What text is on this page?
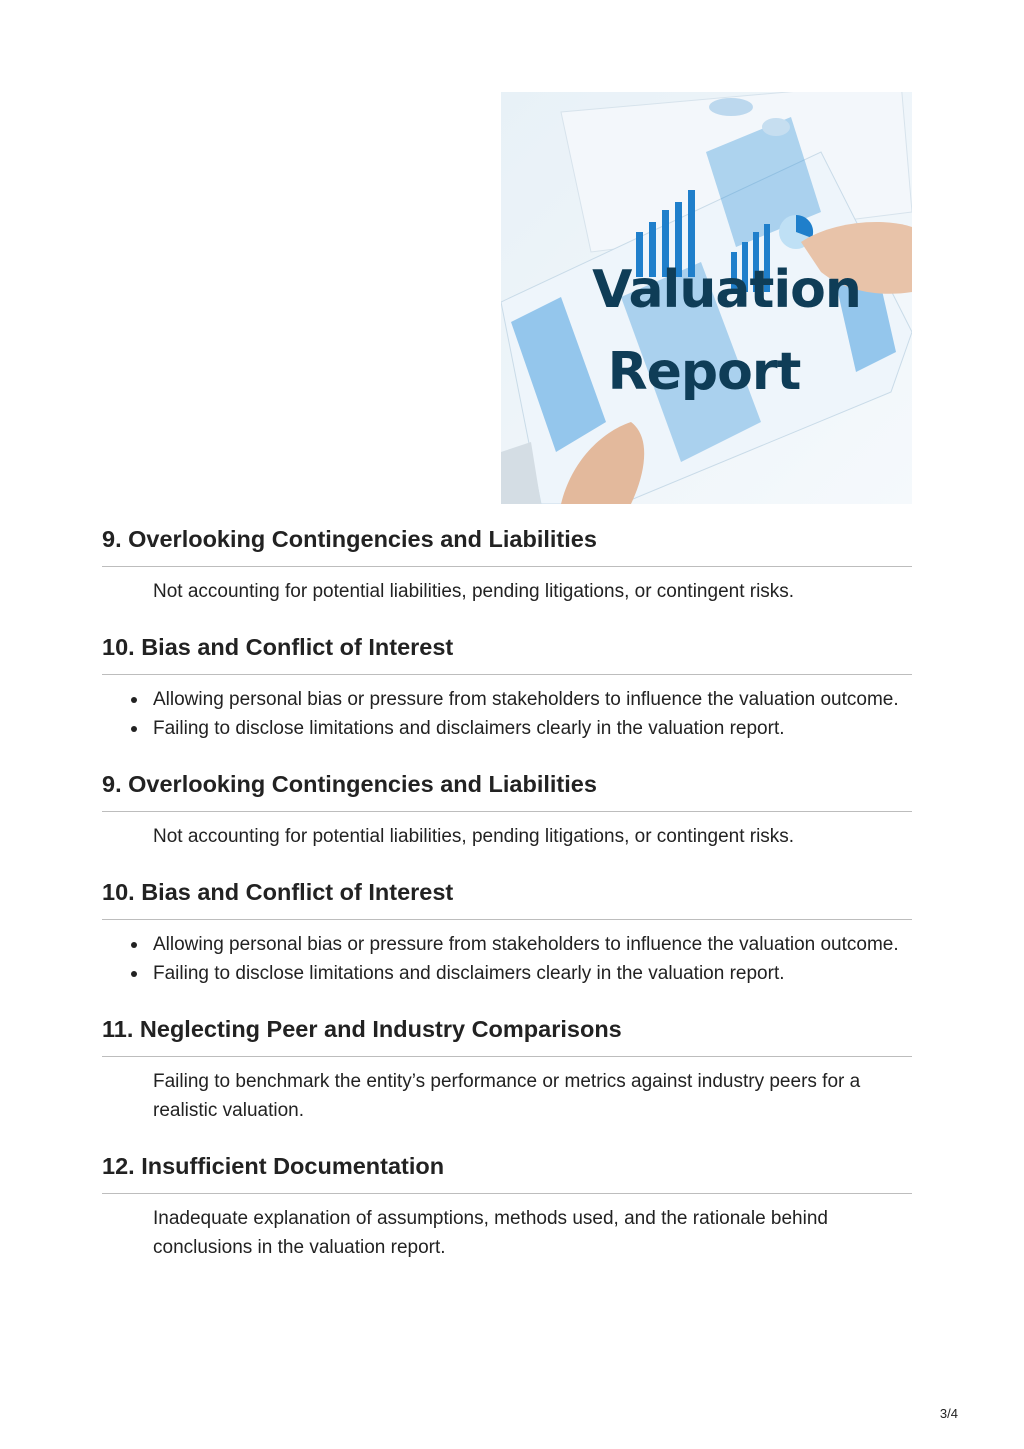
Valuation
Report
9. Overlooking Contingencies and Liabilities

Not accounting for potential liabilities, pending litigations, or contingent risks.

10. Bias and Conflict of Interest
Allowing personal bias or pressure from stakeholders to influence the valuation outcome.
Failing to disclose limitations and disclaimers clearly in the valuation report.
9. Overlooking Contingencies and Liabilities

Not accounting for potential liabilities, pending litigations, or contingent risks.

10. Bias and Conflict of Interest
Allowing personal bias or pressure from stakeholders to influence the valuation outcome.
Failing to disclose limitations and disclaimers clearly in the valuation report.
11. Neglecting Peer and Industry Comparisons

Failing to benchmark the entity’s performance or metrics against industry peers for a realistic valuation.

12. Insufficient Documentation

Inadequate explanation of assumptions, methods used, and the rationale behind conclusions in the valuation report.

3/4
